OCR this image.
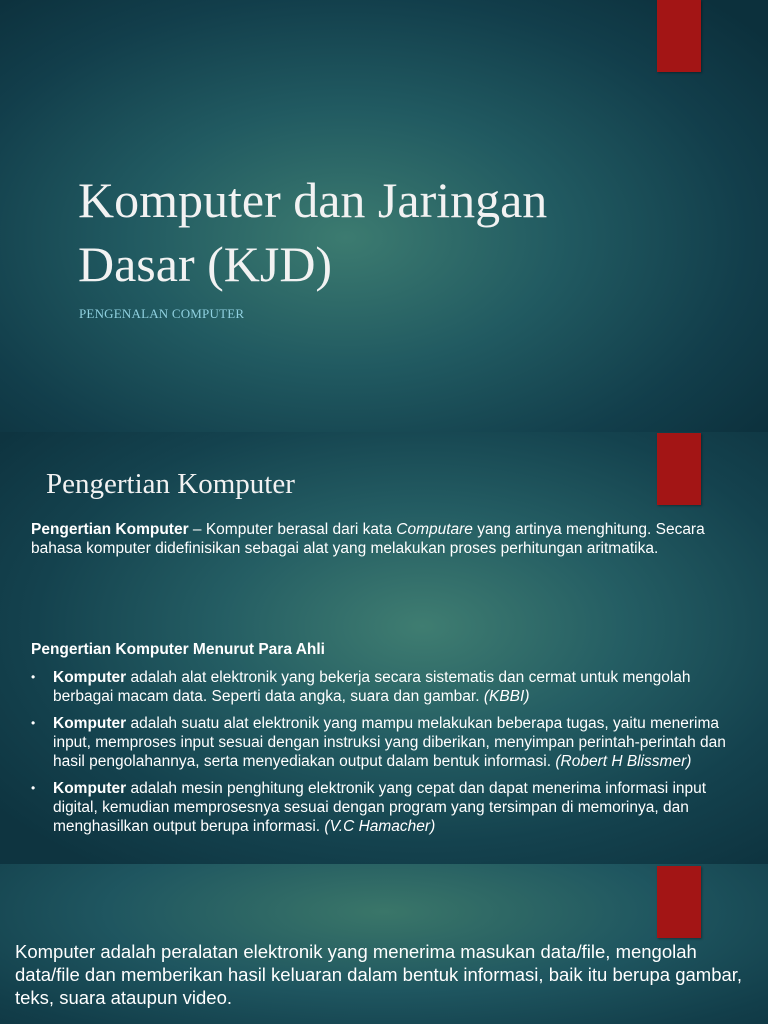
Komputer dan Jaringan Dasar (KJD)
PENGENALAN COMPUTER
Pengertian Komputer
Pengertian Komputer – Komputer berasal dari kata Computare yang artinya menghitung. Secara bahasa komputer didefinisikan sebagai alat yang melakukan proses perhitungan aritmatika.
Pengertian Komputer Menurut Para Ahli
• Komputer adalah alat elektronik yang bekerja secara sistematis dan cermat untuk mengolah berbagai macam data. Seperti data angka, suara dan gambar. (KBBI)
• Komputer adalah suatu alat elektronik yang mampu melakukan beberapa tugas, yaitu menerima input, memproses input sesuai dengan instruksi yang diberikan, menyimpan perintah-perintah dan hasil pengolahannya, serta menyediakan output dalam bentuk informasi. (Robert H Blissmer)
• Komputer adalah mesin penghitung elektronik yang cepat dan dapat menerima informasi input digital, kemudian memprosesnya sesuai dengan program yang tersimpan di memorinya, dan menghasilkan output berupa informasi. (V.C Hamacher)
Komputer adalah peralatan elektronik yang menerima masukan data/file, mengolah data/file dan memberikan hasil keluaran dalam bentuk informasi, baik itu berupa gambar, teks, suara ataupun video.
